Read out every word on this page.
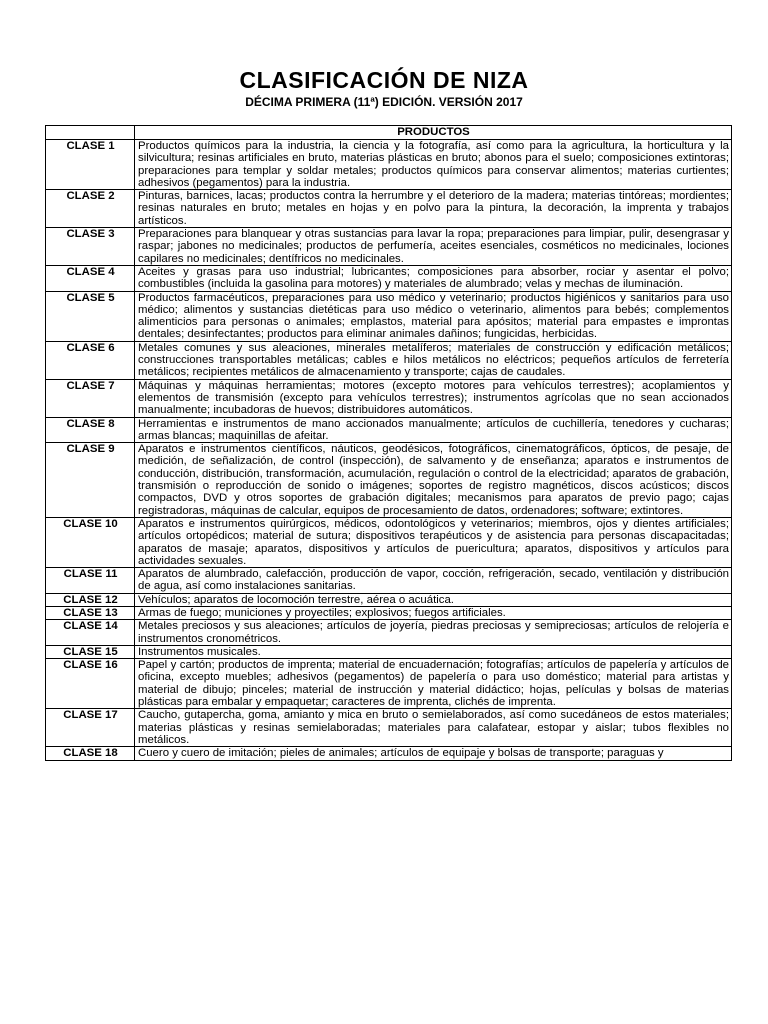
CLASIFICACIÓN DE NIZA
DÉCIMA PRIMERA (11ª) EDICIÓN. VERSIÓN 2017
	PRODUCTOS
CLASE 1	Productos químicos para la industria, la ciencia y la fotografía, así como para la agricultura, la horticultura y la silvicultura; resinas artificiales en bruto, materias plásticas en bruto; abonos para el suelo; composiciones extintoras; preparaciones para templar y soldar metales; productos químicos para conservar alimentos; materias curtientes; adhesivos (pegamentos) para la industria.
CLASE 2	Pinturas, barnices, lacas; productos contra la herrumbre y el deterioro de la madera; materias tintóreas; mordientes; resinas naturales en bruto; metales en hojas y en polvo para la pintura, la decoración, la imprenta y trabajos artísticos.
CLASE 3	Preparaciones para blanquear y otras sustancias para lavar la ropa; preparaciones para limpiar, pulir, desengrasar y raspar; jabones no medicinales; productos de perfumería, aceites esenciales, cosméticos no medicinales, lociones capilares no medicinales; dentífricos no medicinales.
CLASE 4	Aceites y grasas para uso industrial; lubricantes; composiciones para absorber, rociar y asentar el polvo; combustibles (incluida la gasolina para motores) y materiales de alumbrado; velas y mechas de iluminación.
CLASE 5	Productos farmacéuticos, preparaciones para uso médico y veterinario; productos higiénicos y sanitarios para uso médico; alimentos y sustancias dietéticas para uso médico o veterinario, alimentos para bebés; complementos alimenticios para personas o animales; emplastos, material para apósitos; material para empastes e improntas dentales; desinfectantes; productos para eliminar animales dañinos; fungicidas, herbicidas.
CLASE 6	Metales comunes y sus aleaciones, minerales metalíferos; materiales de construcción y edificación metálicos; construcciones transportables metálicas; cables e hilos metálicos no eléctricos; pequeños artículos de ferretería metálicos; recipientes metálicos de almacenamiento y transporte; cajas de caudales.
CLASE 7	Máquinas y máquinas herramientas; motores (excepto motores para vehículos terrestres); acoplamientos y elementos de transmisión (excepto para vehículos terrestres); instrumentos agrícolas que no sean accionados manualmente; incubadoras de huevos; distribuidores automáticos.
CLASE 8	Herramientas e instrumentos de mano accionados manualmente; artículos de cuchillería, tenedores y cucharas; armas blancas; maquinillas de afeitar.
CLASE 9	Aparatos e instrumentos científicos, náuticos, geodésicos, fotográficos, cinematográficos, ópticos, de pesaje, de medición, de señalización, de control (inspección), de salvamento y de enseñanza; aparatos e instrumentos de conducción, distribución, transformación, acumulación, regulación o control de la electricidad; aparatos de grabación, transmisión o reproducción de sonido o imágenes; soportes de registro magnéticos, discos acústicos; discos compactos, DVD y otros soportes de grabación digitales; mecanismos para aparatos de previo pago; cajas registradoras, máquinas de calcular, equipos de procesamiento de datos, ordenadores; software; extintores.
CLASE 10	Aparatos e instrumentos quirúrgicos, médicos, odontológicos y veterinarios; miembros, ojos y dientes artificiales; artículos ortopédicos; material de sutura; dispositivos terapéuticos y de asistencia para personas discapacitadas; aparatos de masaje; aparatos, dispositivos y artículos de puericultura; aparatos, dispositivos y artículos para actividades sexuales.
CLASE 11	Aparatos de alumbrado, calefacción, producción de vapor, cocción, refrigeración, secado, ventilación y distribución de agua, así como instalaciones sanitarias.
CLASE 12	Vehículos; aparatos de locomoción terrestre, aérea o acuática.
CLASE 13	Armas de fuego; municiones y proyectiles; explosivos; fuegos artificiales.
CLASE 14	Metales preciosos y sus aleaciones; artículos de joyería, piedras preciosas y semipreciosas; artículos de relojería e instrumentos cronométricos.
CLASE 15	Instrumentos musicales.
CLASE 16	Papel y cartón; productos de imprenta; material de encuadernación; fotografías; artículos de papelería y artículos de oficina, excepto muebles; adhesivos (pegamentos) de papelería o para uso doméstico; material para artistas y material de dibujo; pinceles; material de instrucción y material didáctico; hojas, películas y bolsas de materias plásticas para embalar y empaquetar; caracteres de imprenta, clichés de imprenta.
CLASE 17	Caucho, gutapercha, goma, amianto y mica en bruto o semielaborados, así como sucedáneos de estos materiales; materias plásticas y resinas semielaboradas; materiales para calafatear, estopar y aislar; tubos flexibles no metálicos.
CLASE 18	Cuero y cuero de imitación; pieles de animales; artículos de equipaje y bolsas de transporte; paraguas y
